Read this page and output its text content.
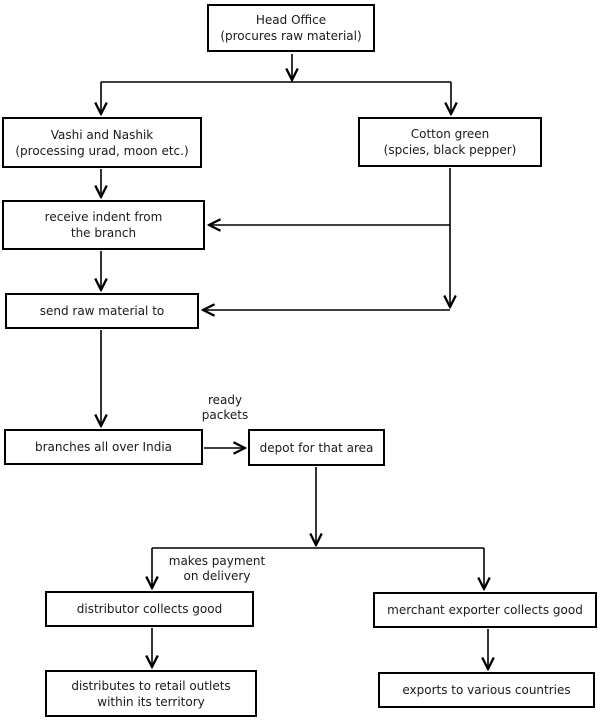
Head Office
(procures raw material)
Vashi and Nashik
(processing urad, moon etc.)
Cotton green
(spcies, black pepper)
receive indent from
the branch
send raw material to
branches all over India	depot for that area
distributor collects good	merchant exporter collects good
distributes to retail outlets
within its territory
exports to various countries
ready
packets
makes payment
on delivery
